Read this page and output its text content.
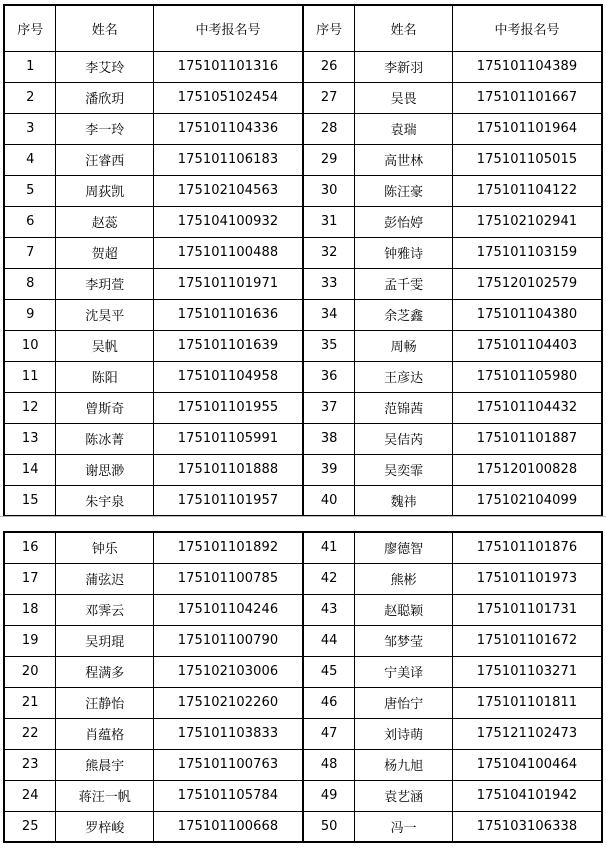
序号	姓名	中考报名号	序号	姓名	中考报名号
1	李艾玲	175101101316	26	李新羽	175101104389
2	潘欣玥	175105102454	27	吴畏	175101101667
3	李一玲	175101104336	28	袁瑞	175101101964
4	汪睿西	175101106183	29	高世林	175101105015
5	周荻凯	175102104563	30	陈汪豪	175101104122
6	赵蕊	175104100932	31	彭怡婷	175102102941
7	贺超	175101100488	32	钟雅诗	175101103159
8	李玥萱	175101101971	33	孟千雯	175120102579
9	沈昊平	175101101636	34	余芝鑫	175101104380
10	吴帆	175101101639	35	周畅	175101104403
11	陈阳	175101104958	36	王彦达	175101105980
12	曾斯奇	175101101955	37	范锦茜	175101104432
13	陈冰菁	175101105991	38	吴佶芮	175101101887
14	谢思渺	175101101888	39	吴奕霏	175120100828
15	朱宇泉	175101101957	40	魏祎	175102104099
16	钟乐	175101101892	41	廖德智	175101101876
17	蒲弦迟	175101100785	42	熊彬	175101101973
18	邓霁云	175101104246	43	赵聪颖	175101101731
19	吴玥琨	175101100790	44	邹梦莹	175101101672
20	程满多	175102103006	45	宁美译	175101103271
21	汪静怡	175102102260	46	唐怡宁	175101101811
22	肖蕴格	175101103833	47	刘诗萌	175121102473
23	熊晨宇	175101100763	48	杨九旭	175104100464
24	蒋汪一帆	175101105784	49	袁艺涵	175104101942
25	罗梓峻	175101100668	50	冯一	175103106338
